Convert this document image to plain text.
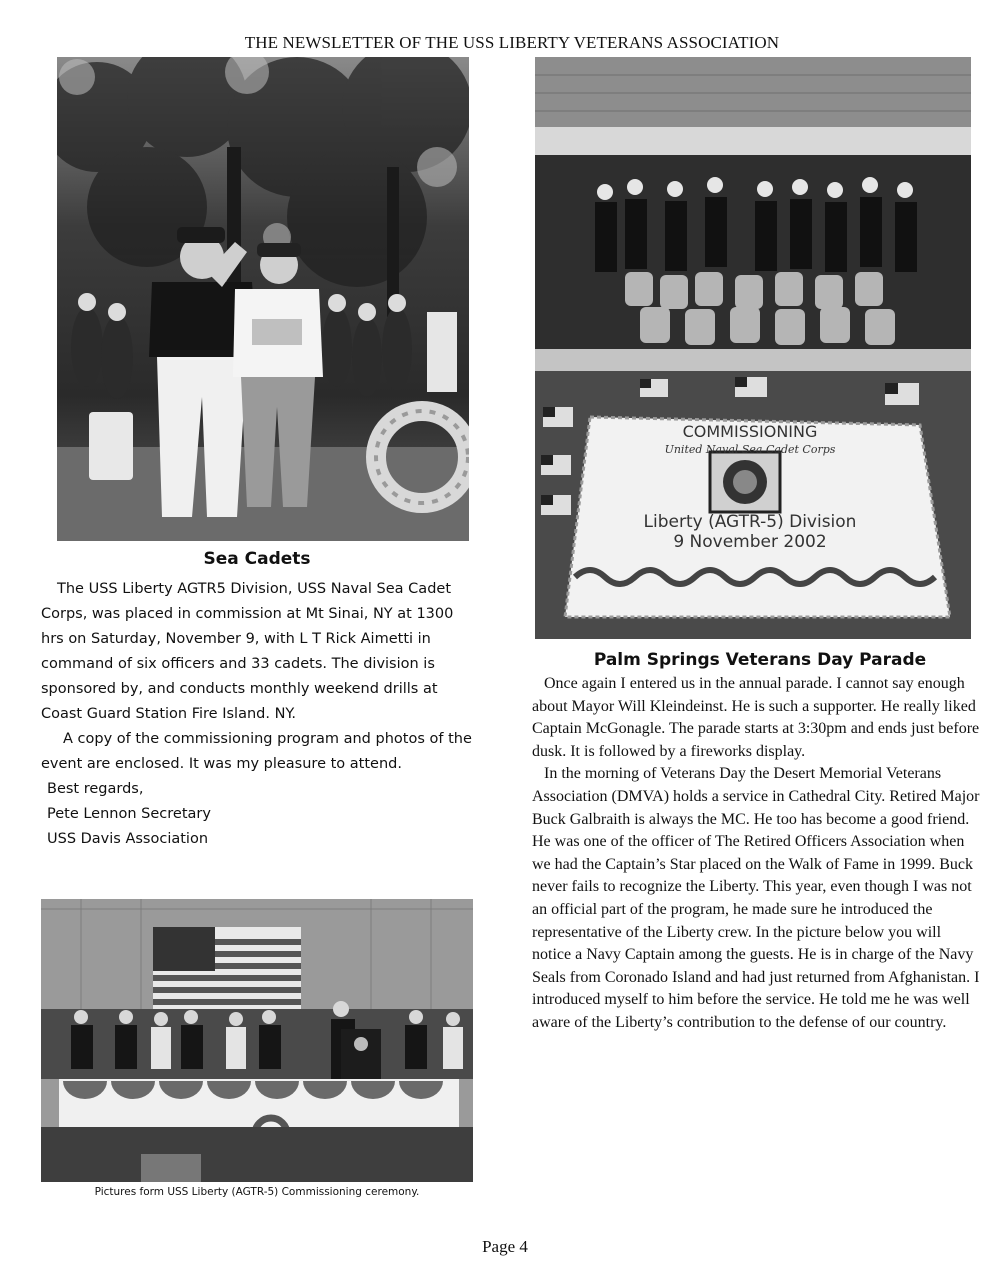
THE NEWSLETTER OF THE USS LIBERTY VETERANS ASSOCIATION
COMMISSIONING
United Naval Sea Cadet Corps
Liberty (AGTR-5) Division
9 November 2002
Sea Cadets

The USS Liberty AGTR5 Division, USS Naval Sea Cadet Corps, was placed in commission at Mt Sinai, NY at 1300 hrs on Saturday, November 9, with L T Rick Aimetti in command of six officers and 33 cadets. The division is sponsored by, and conducts monthly weekend drills at Coast Guard Station Fire Island. NY.

A copy of the commissioning program and photos of the event are enclosed. It was my pleasure to attend.

Best regards,

Pete Lennon Secretary

USS Davis Association

Pictures form USS Liberty (AGTR-5) Commissioning ceremony.
Palm Springs Veterans Day Parade

Once again I entered us in the annual parade. I cannot say enough about Mayor Will Kleindeinst. He is such a supporter. He really liked Captain McGonagle. The parade starts at 3:30pm and ends just before dusk. It is followed by a fireworks display.

In the morning of Veterans Day the Desert Memorial Veterans Association (DMVA) holds a service in Cathedral City. Retired Major Buck Galbraith is always the MC. He too has become a good friend. He was one of the officer of The Retired Officers Association when we had the Captain’s Star placed on the Walk of Fame in 1999. Buck never fails to recognize the Liberty. This year, even though I was not an official part of the program, he made sure he introduced the representative of the Liberty crew. In the picture below you will notice a Navy Captain among the guests. He is in charge of the Navy Seals from Coronado Island and had just returned from Afghanistan. I introduced myself to him before the service. He told me he was well aware of the Liberty’s contribution to the defense of our country.

Page 4
